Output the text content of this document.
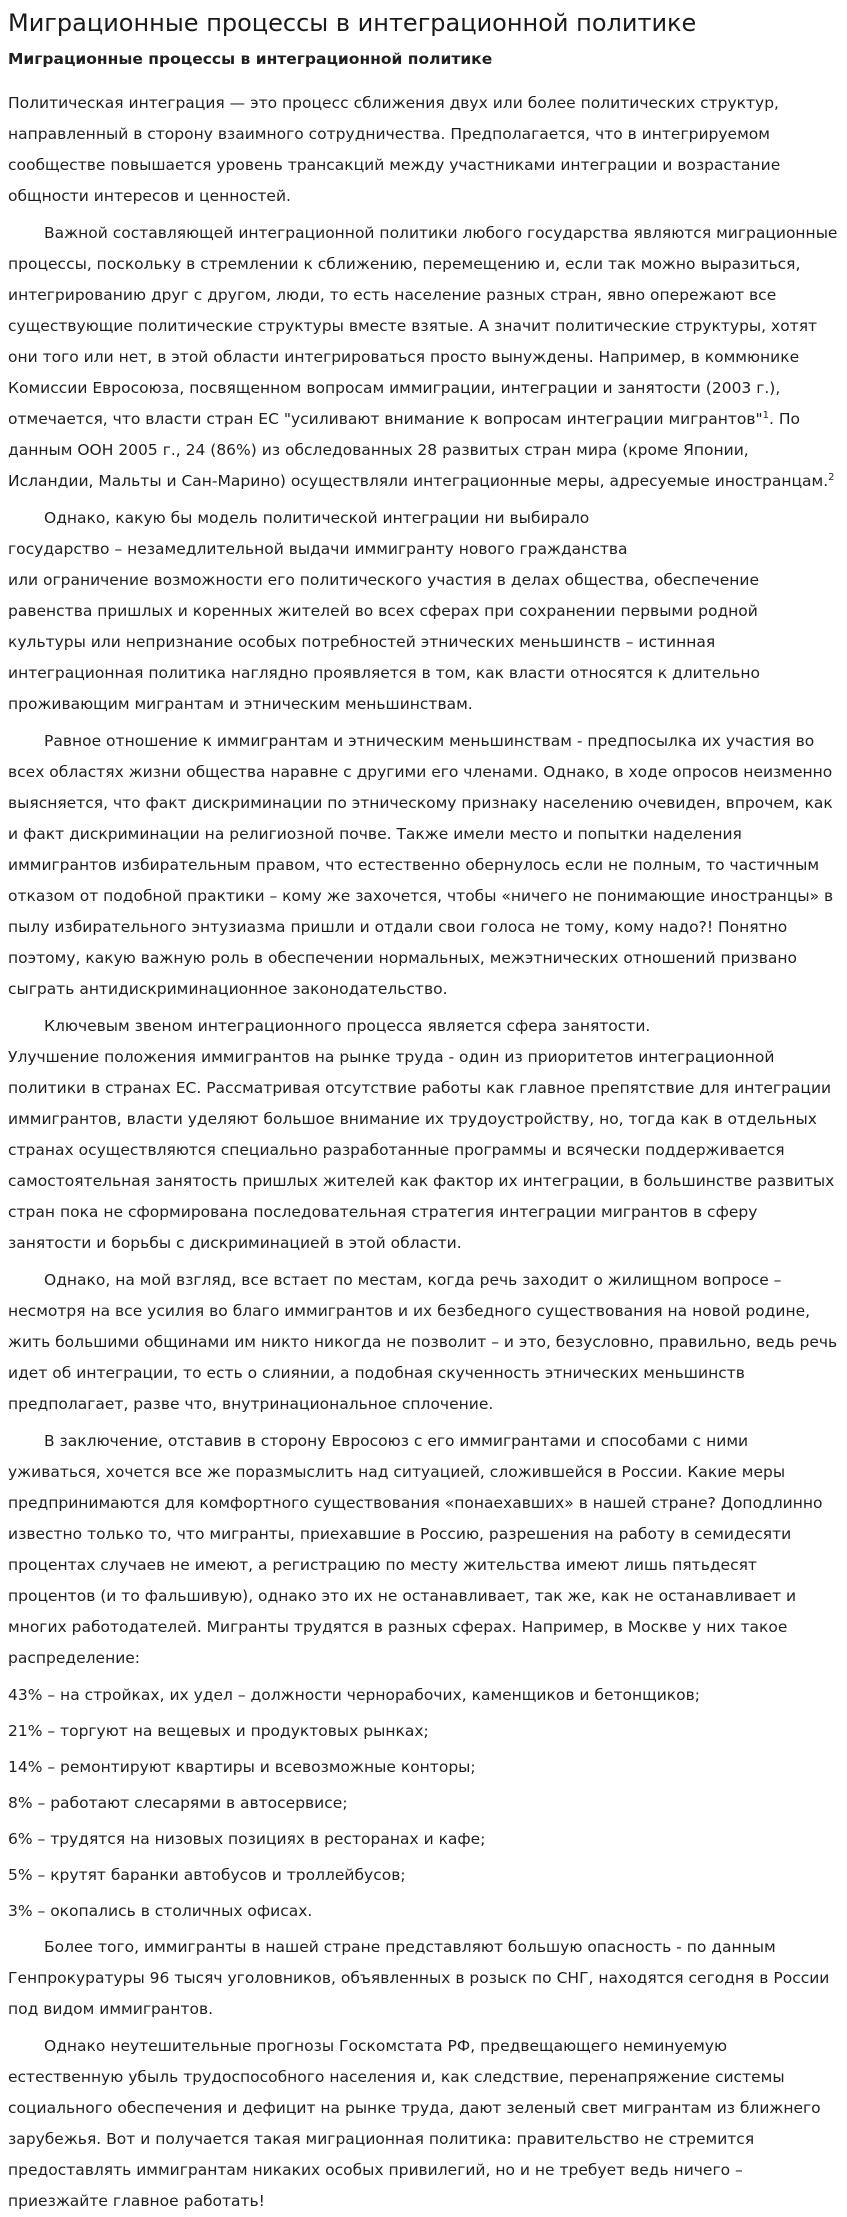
Миграционные процессы в интеграционной политике
Миграционные процессы в интеграционной политике

Политическая интеграция — это процесс сближения двух или более политических структур, направленный в сторону взаимного сотрудничества. Предполагается, что в интегрируемом сообществе повышается уровень трансакций между участниками интеграции и возрастание общности интересов и ценностей.

Важной составляющей интеграционной политики любого государства являются миграционные процессы, поскольку в стремлении к сближению, перемещению и, если так можно выразиться, интегрированию друг с другом, люди, то есть население разных стран, явно опережают все существующие политические структуры вместе взятые. А значит политические структуры, хотят они того или нет, в этой области интегрироваться просто вынуждены. Например, в коммюнике Комиссии Евросоюза, посвященном вопросам иммиграции, интеграции и занятости (2003 г.), отмечается, что власти стран ЕС "усиливают внимание к вопросам интеграции мигрантов"$^1$. По данным ООН 2005 г., 24 (86%) из обследованных 28 развитых стран мира (кроме Японии, Исландии, Мальты и Сан-Марино) осуществляли интеграционные меры, адресуемые иностранцам.$^2$

Однако, какую бы модель политической интеграции ни выбирало
государство – незамедлительной выдачи иммигранту нового гражданства
или ограничение возможности его политического участия в делах общества, обеспечение равенства пришлых и коренных жителей во всех сферах при сохранении первыми родной культуры или непризнание особых потребностей этнических меньшинств – истинная интеграционная политика наглядно проявляется в том, как власти относятся к длительно проживающим мигрантам и этническим меньшинствам.

Равное отношение к иммигрантам и этническим меньшинствам - предпосылка их участия во всех областях жизни общества наравне с другими его членами. Однако, в ходе опросов неизменно выясняется, что факт дискриминации по этническому признаку населению очевиден, впрочем, как и факт дискриминации на религиозной почве. Также имели место и попытки наделения иммигрантов избирательным правом, что естественно обернулось если не полным, то частичным отказом от подобной практики – кому же захочется, чтобы «ничего не понимающие иностранцы» в пылу избирательного энтузиазма пришли и отдали свои голоса не тому, кому надо?! Понятно поэтому, какую важную роль в обеспечении нормальных, межэтнических отношений призвано сыграть антидискриминационное законодательство.

Ключевым звеном интеграционного процесса является сфера занятости.
Улучшение положения иммигрантов на рынке труда - один из приоритетов интеграционной политики в странах ЕС. Рассматривая отсутствие работы как главное препятствие для интеграции иммигрантов, власти уделяют большое внимание их трудоустройству, но, тогда как в отдельных странах осуществляются специально разработанные программы и всячески поддерживается самостоятельная занятость пришлых жителей как фактор их интеграции, в большинстве развитых стран пока не сформирована последовательная стратегия интеграции мигрантов в сферу занятости и борьбы с дискриминацией в этой области.

Однако, на мой взгляд, все встает по местам, когда речь заходит о жилищном вопросе – несмотря на все усилия во благо иммигрантов и их безбедного существования на новой родине, жить большими общинами им никто никогда не позволит – и это, безусловно, правильно, ведь речь идет об интеграции, то есть о слиянии, а подобная скученность этнических меньшинств предполагает, разве что, внутринациональное сплочение.

В заключение, отставив в сторону Евросоюз с его иммигрантами и способами с ними уживаться, хочется все же поразмыслить над ситуацией, сложившейся в России. Какие меры предпринимаются для комфортного существования «понаехавших» в нашей стране? Доподлинно известно только то, что мигранты, приехавшие в Россию, разрешения на работу в семидесяти процентах случаев не имеют, а регистрацию по месту жительства имеют лишь пятьдесят процентов (и то фальшивую), однако это их не останавливает, так же, как не останавливает и многих работодателей. Мигранты трудятся в разных сферах. Например, в Москве у них такое распределение:

43% – на стройках, их удел – должности чернорабочих, каменщиков и бетонщиков;

21% – торгуют на вещевых и продуктовых рынках;

14% – ремонтируют квартиры и всевозможные конторы;

8% – работают слесарями в автосервисе;

6% – трудятся на низовых позициях в ресторанах и кафе;

5% – крутят баранки автобусов и троллейбусов;

3% – окопались в столичных офисах.

Более того, иммигранты в нашей стране представляют большую опасность - по данным Генпрокуратуры 96 тысяч уголовников, объявленных в розыск по СНГ, находятся сегодня в России под видом иммигрантов.

Однако неутешительные прогнозы Госкомстата РФ, предвещающего неминуемую естественную убыль трудоспособного населения и, как следствие, перенапряжение системы социального обеспечения и дефицит на рынке труда, дают зеленый свет мигрантам из ближнего зарубежья. Вот и получается такая миграционная политика: правительство не стремится предоставлять иммигрантам никаких особых привилегий, но и не требует ведь ничего – приезжайте главное работать!
